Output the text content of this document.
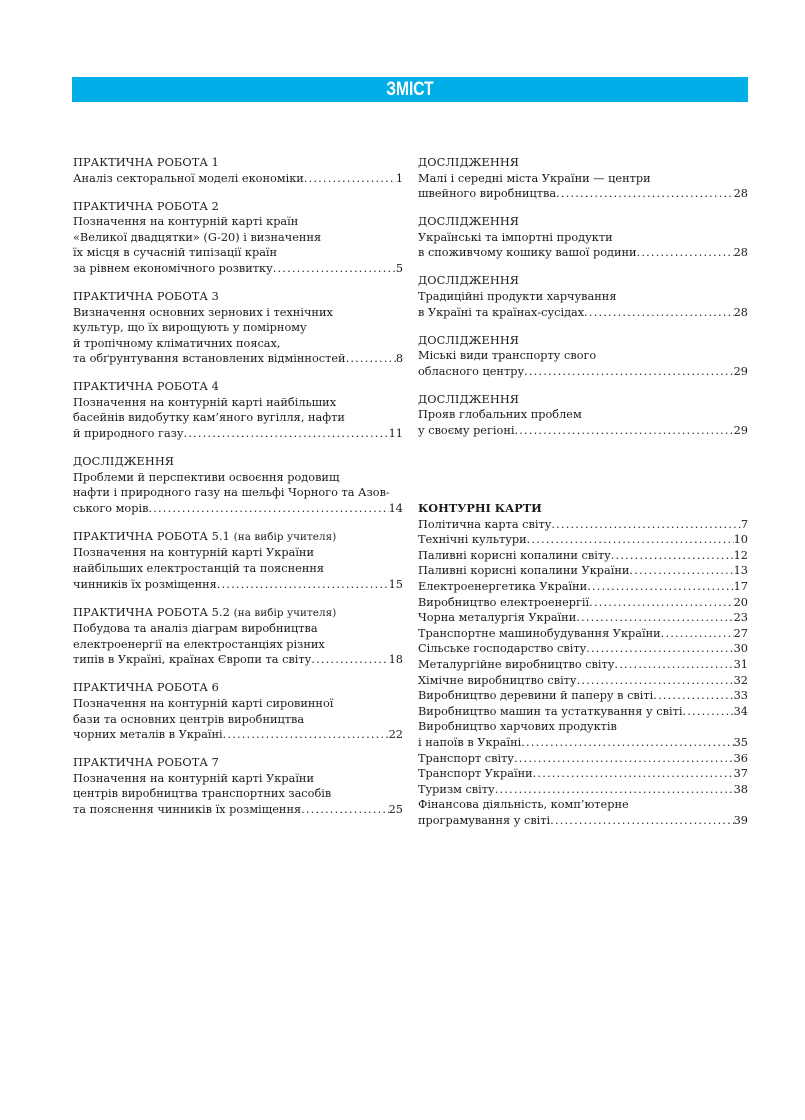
ЗМІСТ
ПРАКТИЧНА РОБОТА 1
Аналіз секторальної моделі економіки . . .	1
ПРАКТИЧНА РОБОТА 2
Позначення на контурній карті країн
«Великої двадцятки» (G-20) і визначення
їх місця в сучасній типізації країн
за рівнем економічного розвитку . . .	5
ПРАКТИЧНА РОБОТА 3
Визначення основних зернових і технічних
культур, що їх вирощують у помірному
й тропічному кліматичних поясах,
та обґрунтування встановлених відмінностей . . .	8
ПРАКТИЧНА РОБОТА 4
Позначення на контурній карті найбільших
басейнів видобутку кам’яного вугілля, нафти
й природного газу . . .	11
ДОСЛІДЖЕННЯ
Проблеми й перспективи освоєння родовищ
нафти і природного газу на шельфі Чорного та Азов-
ського морів . . .	14
ПРАКТИЧНА РОБОТА 5.1 (на вибір учителя)
Позначення на контурній карті України
найбільших електростанцій та пояснення
чинників їх розміщення . . .	15
ПРАКТИЧНА РОБОТА 5.2 (на вибір учителя)
Побудова та аналіз діаграм виробництва
електроенергії на електростанціях різних
типів в Україні, країнах Європи та світу . . .	18
ПРАКТИЧНА РОБОТА 6
Позначення на контурній карті сировинної
бази та основних центрів виробництва
чорних металів в Україні . . .	22
ПРАКТИЧНА РОБОТА 7
Позначення на контурній карті України
центрів виробництва транспортних засобів
та пояснення чинників їх розміщення . . .	25
ДОСЛІДЖЕННЯ
Малі і середні міста України — центри
швейного виробництва . . .	28
ДОСЛІДЖЕННЯ
Українські та імпортні продукти
в споживчому кошику вашої родини . . .	28
ДОСЛІДЖЕННЯ
Традиційні продукти харчування
в Україні та країнах-сусідах . . .	28
ДОСЛІДЖЕННЯ
Міські види транспорту свого
обласного центру . . .	29
ДОСЛІДЖЕННЯ
Прояв глобальних проблем
у своєму регіоні . . .	29
КОНТУРНІ КАРТИ
Політична карта світу . . .	7
Технічні культури . . .	10
Паливні корисні копалини світу . . .	12
Паливні корисні копалини України . . .	13
Електроенергетика України . . .	17
Виробництво електроенергії . . .	20
Чорна металургія України . . .	23
Транспортне машинобудування України . . .	27
Сільське господарство світу . . .	30
Металургійне виробництво світу . . .	31
Хімічне виробництво світу . . .	32
Виробництво деревини й паперу в світі . . .	33
Виробництво машин та устаткування у світі . . .	34
Виробництво харчових продуктів
і напоїв в Україні . . .	35
Транспорт світу . . .	36
Транспорт України . . .	37
Туризм світу . . .	38
Фінансова діяльність, комп’ютерне
програмування у світі . . .	39
